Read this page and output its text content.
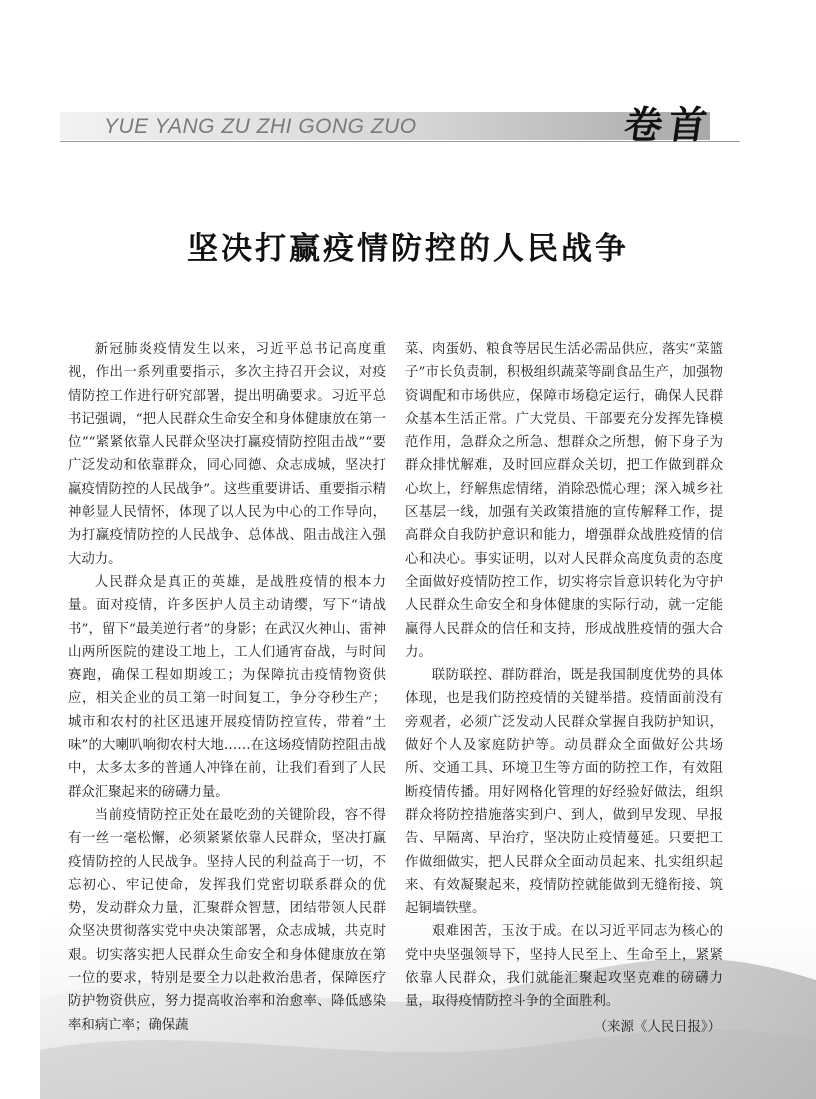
YUE YANG ZU ZHI GONG ZUO	卷首
坚决打赢疫情防控的人民战争

新冠肺炎疫情发生以来，习近平总书记高度重视，作出一系列重要指示，多次主持召开会议，对疫情防控工作进行研究部署，提出明确要求。习近平总书记强调，“把人民群众生命安全和身体健康放在第一位”“紧紧依靠人民群众坚决打赢疫情防控阻击战”“要广泛发动和依靠群众，同心同德、众志成城，坚决打赢疫情防控的人民战争”。这些重要讲话、重要指示精神彰显人民情怀，体现了以人民为中心的工作导向，为打赢疫情防控的人民战争、总体战、阻击战注入强大动力。

人民群众是真正的英雄，是战胜疫情的根本力量。面对疫情，许多医护人员主动请缨，写下“请战书”，留下“最美逆行者”的身影；在武汉火神山、雷神山两所医院的建设工地上，工人们通宵奋战，与时间赛跑，确保工程如期竣工；为保障抗击疫情物资供应，相关企业的员工第一时间复工，争分夺秒生产；城市和农村的社区迅速开展疫情防控宣传，带着“土味”的大喇叭响彻农村大地……在这场疫情防控阻击战中，太多太多的普通人冲锋在前，让我们看到了人民群众汇聚起来的磅礴力量。

当前疫情防控正处在最吃劲的关键阶段，容不得有一丝一毫松懈，必须紧紧依靠人民群众，坚决打赢疫情防控的人民战争。坚持人民的利益高于一切，不忘初心、牢记使命，发挥我们党密切联系群众的优势，发动群众力量，汇聚群众智慧，团结带领人民群众坚决贯彻落实党中央决策部署，众志成城，共克时艰。切实落实把人民群众生命安全和身体健康放在第一位的要求，特别是要全力以赴救治患者，保障医疗防护物资供应，努力提高收治率和治愈率、降低感染率和病亡率；确保蔬

菜、肉蛋奶、粮食等居民生活必需品供应，落实“菜篮子”市长负责制，积极组织蔬菜等副食品生产，加强物资调配和市场供应，保障市场稳定运行，确保人民群众基本生活正常。广大党员、干部要充分发挥先锋模范作用，急群众之所急、想群众之所想，俯下身子为群众排忧解难，及时回应群众关切，把工作做到群众心坎上，纾解焦虑情绪，消除恐慌心理；深入城乡社区基层一线，加强有关政策措施的宣传解释工作，提高群众自我防护意识和能力，增强群众战胜疫情的信心和决心。事实证明，以对人民群众高度负责的态度全面做好疫情防控工作，切实将宗旨意识转化为守护人民群众生命安全和身体健康的实际行动，就一定能赢得人民群众的信任和支持，形成战胜疫情的强大合力。

联防联控、群防群治，既是我国制度优势的具体体现，也是我们防控疫情的关键举措。疫情面前没有旁观者，必须广泛发动人民群众掌握自我防护知识，做好个人及家庭防护等。动员群众全面做好公共场所、交通工具、环境卫生等方面的防控工作，有效阻断疫情传播。用好网格化管理的好经验好做法，组织群众将防控措施落实到户、到人，做到早发现、早报告、早隔离、早治疗，坚决防止疫情蔓延。只要把工作做细做实，把人民群众全面动员起来、扎实组织起来、有效凝聚起来，疫情防控就能做到无缝衔接、筑起铜墙铁壁。

艰难困苦，玉汝于成。在以习近平同志为核心的党中央坚强领导下，坚持人民至上、生命至上，紧紧依靠人民群众，我们就能汇聚起攻坚克难的磅礴力量，取得疫情防控斗争的全面胜利。

（来源《人民日报》）
